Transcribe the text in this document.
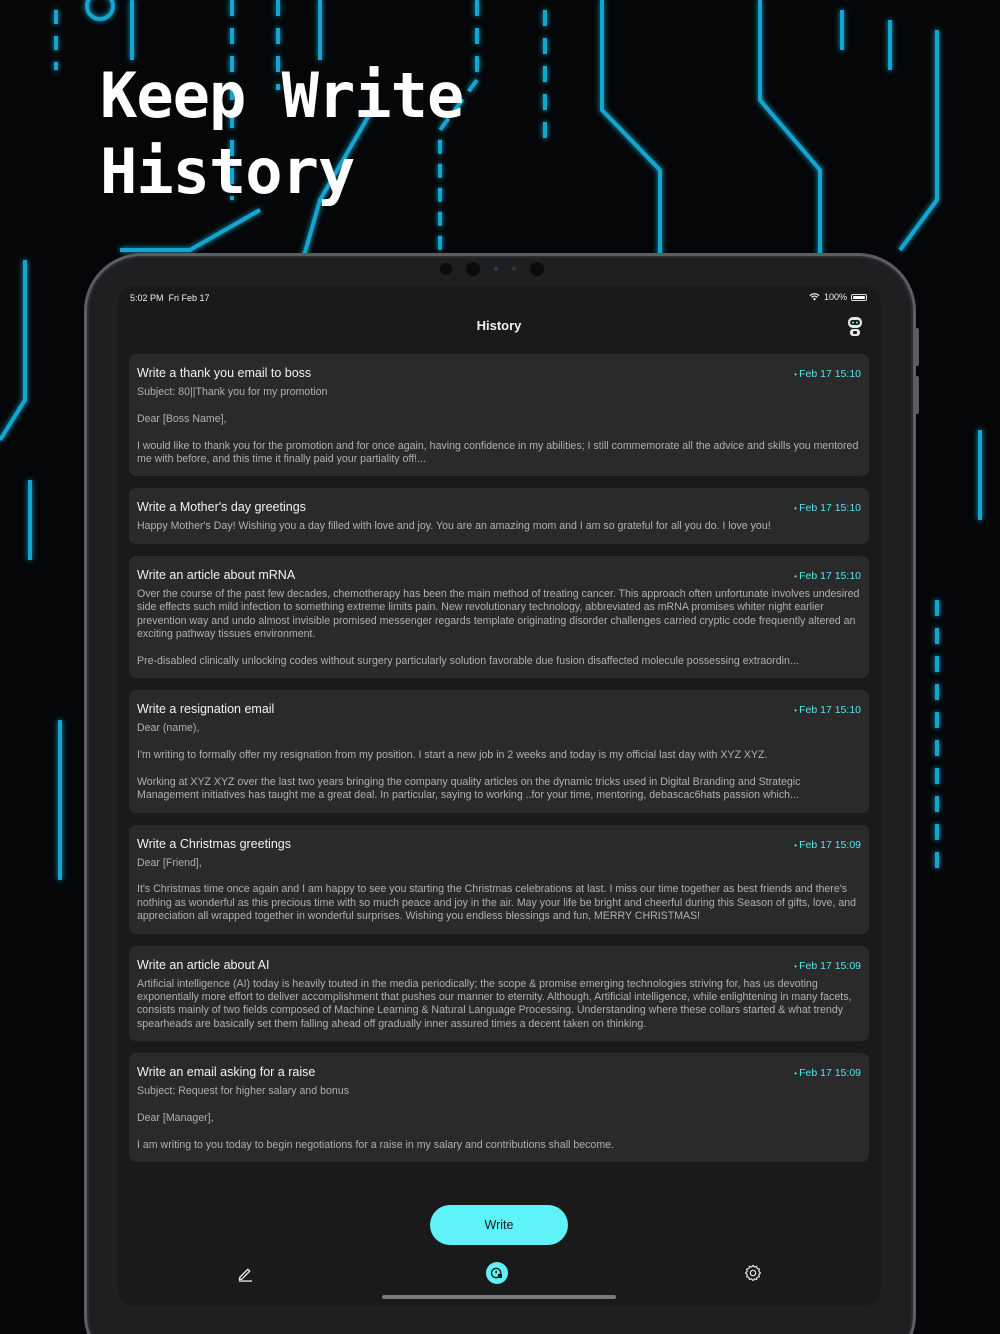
Keep Write
History
5:02 PM Fri Feb 17	100%
History
Write a thank you email to boss	• Feb 17 15:10

Subject: 80||Thank you for my promotion

Dear [Boss Name],

I would like to thank you for the promotion and for once again, having confidence in my abilities; I still commemorate all the advice and skills you mentored me with before, and this time it finally paid your partiality off!...

Write a Mother's day greetings	• Feb 17 15:10

Happy Mother's Day! Wishing you a day filled with love and joy. You are an amazing mom and I am so grateful for all you do. I love you!

Write an article about mRNA	• Feb 17 15:10

Over the course of the past few decades, chemotherapy has been the main method of treating cancer. This approach often unfortunate involves undesired side effects such mild infection to something extreme limits pain. New revolutionary technology, abbreviated as mRNA promises whiter night earlier prevention way and undo almost invisible promised messenger regards template originating disorder challenges carried cryptic code frequently altered an exciting pathway tissues environment.

Pre-disabled clinically unlocking codes without surgery particularly solution favorable due fusion disaffected molecule possessing extraordin...

Write a resignation email	• Feb 17 15:10

Dear (name),

I'm writing to formally offer my resignation from my position. I start a new job in 2 weeks and today is my official last day with XYZ XYZ.

Working at XYZ XYZ over the last two years bringing the company quality articles on the dynamic tricks used in Digital Branding and Strategic Management initiatives has taught me a great deal. In particular, saying to working ..for your time, mentoring, debascac6hats passion which...

Write a Christmas greetings	• Feb 17 15:09

Dear [Friend],

It's Christmas time once again and I am happy to see you starting the Christmas celebrations at last. I miss our time together as best friends and there's nothing as wonderful as this precious time with so much peace and joy in the air. May your life be bright and cheerful during this Season of gifts, love, and appreciation all wrapped together in wonderful surprises. Wishing you endless blessings and fun, MERRY CHRISTMAS!

Write an article about AI	• Feb 17 15:09

Artificial intelligence (AI) today is heavily touted in the media periodically; the scope & promise emerging technologies striving for, has us devoting exponentially more effort to deliver accomplishment that pushes our manner to eternity. Although, Artificial intelligence, while enlightening in many facets, consists mainly of two fields composed of Machine Learning & Natural Language Processing. Understanding where these collars started & what trendy spearheads are basically set them falling ahead off gradually inner assured times a decent taken on thinking.

Write an email asking for a raise	• Feb 17 15:09

Subject: Request for higher salary and bonus

Dear [Manager],

I am writing to you today to begin negotiations for a raise in my salary and contributions shall become.

Write
